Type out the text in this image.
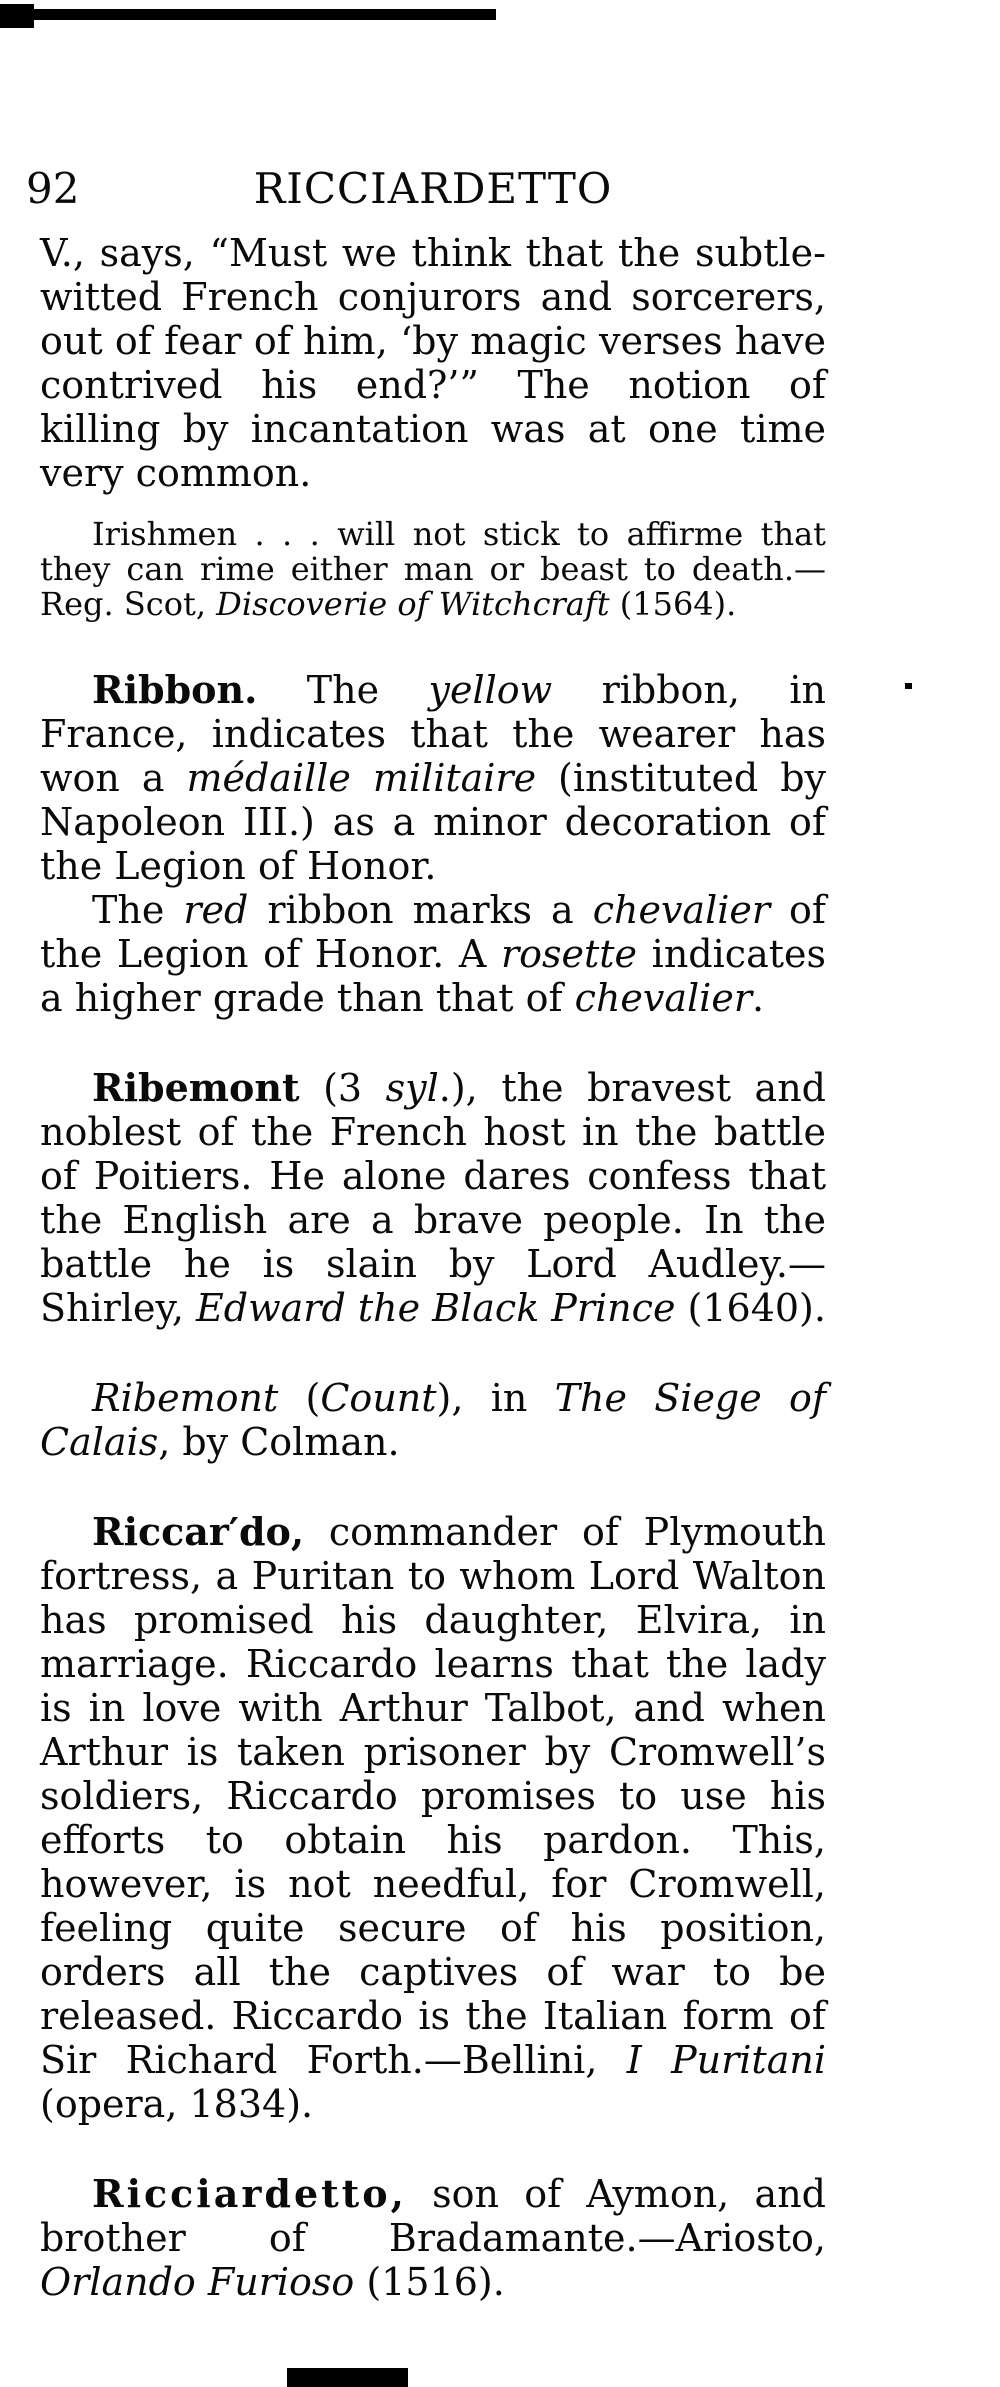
92	RICCIARDETTO

V., says, “Must we think that the subtle-witted French conjurors and sorcerers, out of fear of him, ‘by magic verses have contrived his end?’” The notion of killing by incantation was at one time very common.

Irishmen . . . will not stick to affirme that they can rime either man or beast to death.—Reg. Scot, Discoverie of Witchcraft (1564).

Ribbon. The yellow ribbon, in France, indicates that the wearer has won a médaille militaire (instituted by Napoleon III.) as a minor decoration of the Legion of Honor.

The red ribbon marks a chevalier of the Legion of Honor. A rosette indicates a higher grade than that of chevalier.

Ribemont (3 syl.), the bravest and noblest of the French host in the battle of Poitiers. He alone dares confess that the English are a brave people. In the battle he is slain by Lord Audley.—Shirley, Edward the Black Prince (1640).

Ribemont (Count), in The Siege of Calais, by Colman.

Riccar′do, commander of Plymouth fortress, a Puritan to whom Lord Walton has promised his daughter, Elvira, in marriage. Riccardo learns that the lady is in love with Arthur Talbot, and when Arthur is taken prisoner by Cromwell’s soldiers, Riccardo promises to use his efforts to obtain his pardon. This, however, is not needful, for Cromwell, feeling quite secure of his position, orders all the captives of war to be released. Riccardo is the Italian form of Sir Richard Forth.—Bellini, I Puritani (opera, 1834).

Ricciardetto, son of Aymon, and brother of Bradamante.—Ariosto, Orlando Furioso (1516).
